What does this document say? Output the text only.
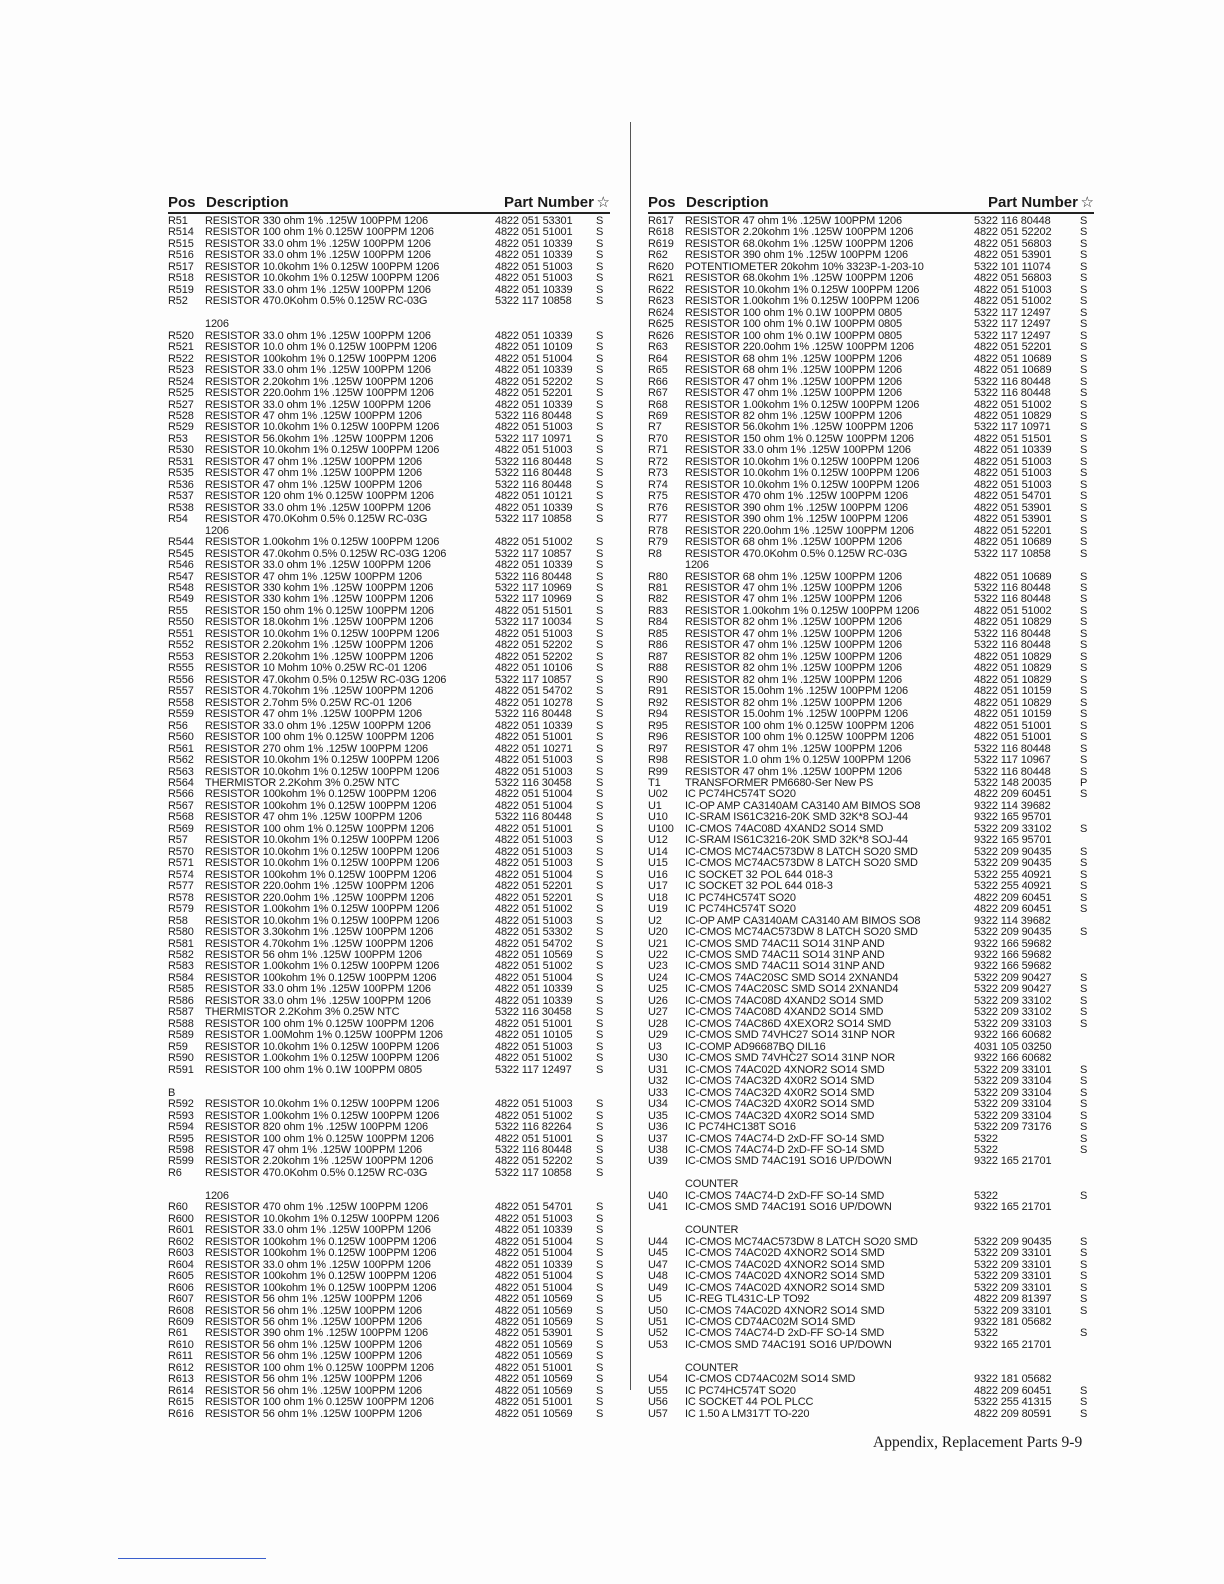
Pos Description	Part Number ☆
R51 RESISTOR 330 ohm 1% .125W 100PPM 1206	4822 051 53301 S
R514 RESISTOR 100 ohm 1% 0.125W 100PPM 1206	4822 051 51001 S
R515 RESISTOR 33.0 ohm 1% .125W 100PPM 1206	4822 051 10339 S
R516 RESISTOR 33.0 ohm 1% .125W 100PPM 1206	4822 051 10339 S
R517 RESISTOR 10.0kohm 1% 0.125W 100PPM 1206	4822 051 51003 S
R518 RESISTOR 10.0kohm 1% 0.125W 100PPM 1206	4822 051 51003 S
R519 RESISTOR 33.0 ohm 1% .125W 100PPM 1206	4822 051 10339 S
R52 RESISTOR 470.0Kohm 0.5% 0.125W RC-03G	5322 117 10858 S
1206
R520 RESISTOR 33.0 ohm 1% .125W 100PPM 1206	4822 051 10339 S
R521 RESISTOR 10.0 ohm 1% 0.125W 100PPM 1206	4822 051 10109 S
R522 RESISTOR 100kohm 1% 0.125W 100PPM 1206	4822 051 51004 S
R523 RESISTOR 33.0 ohm 1% .125W 100PPM 1206	4822 051 10339 S
R524 RESISTOR 2.20kohm 1% .125W 100PPM 1206	4822 051 52202 S
R525 RESISTOR 220.0ohm 1% .125W 100PPM 1206	4822 051 52201 S
R527 RESISTOR 33.0 ohm 1% .125W 100PPM 1206	4822 051 10339 S
R528 RESISTOR 47 ohm 1% .125W 100PPM 1206	5322 116 80448 S
R529 RESISTOR 10.0kohm 1% 0.125W 100PPM 1206	4822 051 51003 S
R53 RESISTOR 56.0kohm 1% .125W 100PPM 1206	5322 117 10971 S
R530 RESISTOR 10.0kohm 1% 0.125W 100PPM 1206	4822 051 51003 S
R531 RESISTOR 47 ohm 1% .125W 100PPM 1206	5322 116 80448 S
R535 RESISTOR 47 ohm 1% .125W 100PPM 1206	5322 116 80448 S
R536 RESISTOR 47 ohm 1% .125W 100PPM 1206	5322 116 80448 S
R537 RESISTOR 120 ohm 1% 0.125W 100PPM 1206	4822 051 10121 S
R538 RESISTOR 33.0 ohm 1% .125W 100PPM 1206	4822 051 10339 S
R54 RESISTOR 470.0Kohm 0.5% 0.125W RC-03G	5322 117 10858 S
1206
R544 RESISTOR 1.00kohm 1% 0.125W 100PPM 1206	4822 051 51002 S
R545 RESISTOR 47.0kohm 0.5% 0.125W RC-03G 1206	5322 117 10857 S
R546 RESISTOR 33.0 ohm 1% .125W 100PPM 1206	4822 051 10339 S
R547 RESISTOR 47 ohm 1% .125W 100PPM 1206	5322 116 80448 S
R548 RESISTOR 330 kohm 1% .125W 100PPM 1206	5322 117 10969 S
R549 RESISTOR 330 kohm 1% .125W 100PPM 1206	5322 117 10969 S
R55 RESISTOR 150 ohm 1% 0.125W 100PPM 1206	4822 051 51501 S
R550 RESISTOR 18.0kohm 1% .125W 100PPM 1206	5322 117 10034 S
R551 RESISTOR 10.0kohm 1% 0.125W 100PPM 1206	4822 051 51003 S
R552 RESISTOR 2.20kohm 1% .125W 100PPM 1206	4822 051 52202 S
R553 RESISTOR 2.20kohm 1% .125W 100PPM 1206	4822 051 52202 S
R555 RESISTOR 10 Mohm 10% 0.25W RC-01 1206	4822 051 10106 S
R556 RESISTOR 47.0kohm 0.5% 0.125W RC-03G 1206	5322 117 10857 S
R557 RESISTOR 4.70kohm 1% .125W 100PPM 1206	4822 051 54702 S
R558 RESISTOR 2.7ohm 5% 0.25W RC-01 1206	4822 051 10278 S
R559 RESISTOR 47 ohm 1% .125W 100PPM 1206	5322 116 80448 S
R56 RESISTOR 33.0 ohm 1% .125W 100PPM 1206	4822 051 10339 S
R560 RESISTOR 100 ohm 1% 0.125W 100PPM 1206	4822 051 51001 S
R561 RESISTOR 270 ohm 1% .125W 100PPM 1206	4822 051 10271 S
R562 RESISTOR 10.0kohm 1% 0.125W 100PPM 1206	4822 051 51003 S
R563 RESISTOR 10.0kohm 1% 0.125W 100PPM 1206	4822 051 51003 S
R564 THERMISTOR 2.2Kohm 3% 0.25W NTC	5322 116 30458 S
R566 RESISTOR 100kohm 1% 0.125W 100PPM 1206	4822 051 51004 S
R567 RESISTOR 100kohm 1% 0.125W 100PPM 1206	4822 051 51004 S
R568 RESISTOR 47 ohm 1% .125W 100PPM 1206	5322 116 80448 S
R569 RESISTOR 100 ohm 1% 0.125W 100PPM 1206	4822 051 51001 S
R57 RESISTOR 10.0kohm 1% 0.125W 100PPM 1206	4822 051 51003 S
R570 RESISTOR 10.0kohm 1% 0.125W 100PPM 1206	4822 051 51003 S
R571 RESISTOR 10.0kohm 1% 0.125W 100PPM 1206	4822 051 51003 S
R574 RESISTOR 100kohm 1% 0.125W 100PPM 1206	4822 051 51004 S
R577 RESISTOR 220.0ohm 1% .125W 100PPM 1206	4822 051 52201 S
R578 RESISTOR 220.0ohm 1% .125W 100PPM 1206	4822 051 52201 S
R579 RESISTOR 1.00kohm 1% 0.125W 100PPM 1206	4822 051 51002 S
R58 RESISTOR 10.0kohm 1% 0.125W 100PPM 1206	4822 051 51003 S
R580 RESISTOR 3.30kohm 1% .125W 100PPM 1206	4822 051 53302 S
R581 RESISTOR 4.70kohm 1% .125W 100PPM 1206	4822 051 54702 S
R582 RESISTOR 56 ohm 1% .125W 100PPM 1206	4822 051 10569 S
R583 RESISTOR 1.00kohm 1% 0.125W 100PPM 1206	4822 051 51002 S
R584 RESISTOR 100kohm 1% 0.125W 100PPM 1206	4822 051 51004 S
R585 RESISTOR 33.0 ohm 1% .125W 100PPM 1206	4822 051 10339 S
R586 RESISTOR 33.0 ohm 1% .125W 100PPM 1206	4822 051 10339 S
R587 THERMISTOR 2.2Kohm 3% 0.25W NTC	5322 116 30458 S
R588 RESISTOR 100 ohm 1% 0.125W 100PPM 1206	4822 051 51001 S
R589 RESISTOR 1.00Mohm 1% 0.125W 100PPM 1206	4822 051 10105 S
R59 RESISTOR 10.0kohm 1% 0.125W 100PPM 1206	4822 051 51003 S
R590 RESISTOR 1.00kohm 1% 0.125W 100PPM 1206	4822 051 51002 S
R591 RESISTOR 100 ohm 1% 0.1W 100PPM 0805	5322 117 12497 S
B
R592 RESISTOR 10.0kohm 1% 0.125W 100PPM 1206	4822 051 51003 S
R593 RESISTOR 1.00kohm 1% 0.125W 100PPM 1206	4822 051 51002 S
R594 RESISTOR 820 ohm 1% .125W 100PPM 1206	5322 116 82264 S
R595 RESISTOR 100 ohm 1% 0.125W 100PPM 1206	4822 051 51001 S
R598 RESISTOR 47 ohm 1% .125W 100PPM 1206	5322 116 80448 S
R599 RESISTOR 2.20kohm 1% .125W 100PPM 1206	4822 051 52202 S
R6 RESISTOR 470.0Kohm 0.5% 0.125W RC-03G	5322 117 10858 S
1206
R60 RESISTOR 470 ohm 1% .125W 100PPM 1206	4822 051 54701 S
R600 RESISTOR 10.0kohm 1% 0.125W 100PPM 1206	4822 051 51003 S
R601 RESISTOR 33.0 ohm 1% .125W 100PPM 1206	4822 051 10339 S
R602 RESISTOR 100kohm 1% 0.125W 100PPM 1206	4822 051 51004 S
R603 RESISTOR 100kohm 1% 0.125W 100PPM 1206	4822 051 51004 S
R604 RESISTOR 33.0 ohm 1% .125W 100PPM 1206	4822 051 10339 S
R605 RESISTOR 100kohm 1% 0.125W 100PPM 1206	4822 051 51004 S
R606 RESISTOR 100kohm 1% 0.125W 100PPM 1206	4822 051 51004 S
R607 RESISTOR 56 ohm 1% .125W 100PPM 1206	4822 051 10569 S
R608 RESISTOR 56 ohm 1% .125W 100PPM 1206	4822 051 10569 S
R609 RESISTOR 56 ohm 1% .125W 100PPM 1206	4822 051 10569 S
R61 RESISTOR 390 ohm 1% .125W 100PPM 1206	4822 051 53901 S
R610 RESISTOR 56 ohm 1% .125W 100PPM 1206	4822 051 10569 S
R611 RESISTOR 56 ohm 1% .125W 100PPM 1206	4822 051 10569 S
R612 RESISTOR 100 ohm 1% 0.125W 100PPM 1206	4822 051 51001 S
R613 RESISTOR 56 ohm 1% .125W 100PPM 1206	4822 051 10569 S
R614 RESISTOR 56 ohm 1% .125W 100PPM 1206	4822 051 10569 S
R615 RESISTOR 100 ohm 1% 0.125W 100PPM 1206	4822 051 51001 S
R616 RESISTOR 56 ohm 1% .125W 100PPM 1206	4822 051 10569 S
Pos Description	Part Number ☆
R617 RESISTOR 47 ohm 1% .125W 100PPM 1206	5322 116 80448	S
R618 RESISTOR 2.20kohm 1% .125W 100PPM 1206	4822 051 52202	S
R619 RESISTOR 68.0kohm 1% .125W 100PPM 1206	4822 051 56803	S
R62 RESISTOR 390 ohm 1% .125W 100PPM 1206	4822 051 53901	S
R620 POTENTIOMETER 20kohm 10% 3323P-1-203-10	5322 101 11074	S
R621 RESISTOR 68.0kohm 1% .125W 100PPM 1206	4822 051 56803	S
R622 RESISTOR 10.0kohm 1% 0.125W 100PPM 1206	4822 051 51003	S
R623 RESISTOR 1.00kohm 1% 0.125W 100PPM 1206	4822 051 51002	S
R624 RESISTOR 100 ohm 1% 0.1W 100PPM 0805	5322 117 12497	S
R625 RESISTOR 100 ohm 1% 0.1W 100PPM 0805	5322 117 12497	S
R626 RESISTOR 100 ohm 1% 0.1W 100PPM 0805	5322 117 12497	S
R63 RESISTOR 220.0ohm 1% .125W 100PPM 1206	4822 051 52201	S
R64 RESISTOR 68 ohm 1% .125W 100PPM 1206	4822 051 10689	S
R65 RESISTOR 68 ohm 1% .125W 100PPM 1206	4822 051 10689	S
R66 RESISTOR 47 ohm 1% .125W 100PPM 1206	5322 116 80448	S
R67 RESISTOR 47 ohm 1% .125W 100PPM 1206	5322 116 80448	S
R68 RESISTOR 1.00kohm 1% 0.125W 100PPM 1206	4822 051 51002	S
R69 RESISTOR 82 ohm 1% .125W 100PPM 1206	4822 051 10829	S
R7 RESISTOR 56.0kohm 1% .125W 100PPM 1206	5322 117 10971	S
R70 RESISTOR 150 ohm 1% 0.125W 100PPM 1206	4822 051 51501	S
R71 RESISTOR 33.0 ohm 1% .125W 100PPM 1206	4822 051 10339	S
R72 RESISTOR 10.0kohm 1% 0.125W 100PPM 1206	4822 051 51003	S
R73 RESISTOR 10.0kohm 1% 0.125W 100PPM 1206	4822 051 51003	S
R74 RESISTOR 10.0kohm 1% 0.125W 100PPM 1206	4822 051 51003	S
R75 RESISTOR 470 ohm 1% .125W 100PPM 1206	4822 051 54701	S
R76 RESISTOR 390 ohm 1% .125W 100PPM 1206	4822 051 53901	S
R77 RESISTOR 390 ohm 1% .125W 100PPM 1206	4822 051 53901	S
R78 RESISTOR 220.0ohm 1% .125W 100PPM 1206	4822 051 52201	S
R79 RESISTOR 68 ohm 1% .125W 100PPM 1206	4822 051 10689	S
R8 RESISTOR 470.0Kohm 0.5% 0.125W RC-03G	5322 117 10858	S
1206
R80 RESISTOR 68 ohm 1% .125W 100PPM 1206	4822 051 10689	S
R81 RESISTOR 47 ohm 1% .125W 100PPM 1206	5322 116 80448	S
R82 RESISTOR 47 ohm 1% .125W 100PPM 1206	5322 116 80448	S
R83 RESISTOR 1.00kohm 1% 0.125W 100PPM 1206	4822 051 51002	S
R84 RESISTOR 82 ohm 1% .125W 100PPM 1206	4822 051 10829	S
R85 RESISTOR 47 ohm 1% .125W 100PPM 1206	5322 116 80448	S
R86 RESISTOR 47 ohm 1% .125W 100PPM 1206	5322 116 80448	S
R87 RESISTOR 82 ohm 1% .125W 100PPM 1206	4822 051 10829	S
R88 RESISTOR 82 ohm 1% .125W 100PPM 1206	4822 051 10829	S
R90 RESISTOR 82 ohm 1% .125W 100PPM 1206	4822 051 10829	S
R91 RESISTOR 15.0ohm 1% .125W 100PPM 1206	4822 051 10159	S
R92 RESISTOR 82 ohm 1% .125W 100PPM 1206	4822 051 10829	S
R94 RESISTOR 15.0ohm 1% .125W 100PPM 1206	4822 051 10159	S
R95 RESISTOR 100 ohm 1% 0.125W 100PPM 1206	4822 051 51001	S
R96 RESISTOR 100 ohm 1% 0.125W 100PPM 1206	4822 051 51001	S
R97 RESISTOR 47 ohm 1% .125W 100PPM 1206	5322 116 80448	S
R98 RESISTOR 1.0 ohm 1% 0.125W 100PPM 1206	5322 117 10967	S
R99 RESISTOR 47 ohm 1% .125W 100PPM 1206	5322 116 80448	S
T1 TRANSFORMER PM6680-Ser New PS	5322 148 20035	P
U02 IC PC74HC574T SO20	4822 209 60451	S
U1 IC-OP AMP CA3140AM CA3140 AM BIMOS SO8	9322 114 39682
U10 IC-SRAM IS61C3216-20K SMD 32K*8 SOJ-44	9322 165 95701
U100 IC-CMOS 74AC08D 4XAND2 SO14 SMD	5322 209 33102	S
U12 IC-SRAM IS61C3216-20K SMD 32K*8 SOJ-44	9322 165 95701
U14 IC-CMOS MC74AC573DW 8 LATCH SO20 SMD	5322 209 90435	S
U15 IC-CMOS MC74AC573DW 8 LATCH SO20 SMD	5322 209 90435	S
U16 IC SOCKET 32 POL 644 018-3	5322 255 40921	S
U17 IC SOCKET 32 POL 644 018-3	5322 255 40921	S
U18 IC PC74HC574T SO20	4822 209 60451	S
U19 IC PC74HC574T SO20	4822 209 60451	S
U2 IC-OP AMP CA3140AM CA3140 AM BIMOS SO8	9322 114 39682
U20 IC-CMOS MC74AC573DW 8 LATCH SO20 SMD	5322 209 90435	S
U21 IC-CMOS SMD 74AC11 SO14 31NP AND	9322 166 59682
U22 IC-CMOS SMD 74AC11 SO14 31NP AND	9322 166 59682
U23 IC-CMOS SMD 74AC11 SO14 31NP AND	9322 166 59682
U24 IC-CMOS 74AC20SC SMD SO14 2XNAND4	5322 209 90427	S
U25 IC-CMOS 74AC20SC SMD SO14 2XNAND4	5322 209 90427	S
U26 IC-CMOS 74AC08D 4XAND2 SO14 SMD	5322 209 33102	S
U27 IC-CMOS 74AC08D 4XAND2 SO14 SMD	5322 209 33102	S
U28 IC-CMOS 74AC86D 4XEXOR2 SO14 SMD	5322 209 33103	S
U29 IC-CMOS SMD 74VHC27 SO14 31NP NOR	9322 166 60682
U3 IC-COMP AD96687BQ DIL16	4031 105 03250
U30 IC-CMOS SMD 74VHC27 SO14 31NP NOR	9322 166 60682
U31 IC-CMOS 74AC02D 4XNOR2 SO14 SMD	5322 209 33101	S
U32 IC-CMOS 74AC32D 4X0R2 SO14 SMD	5322 209 33104	S
U33 IC-CMOS 74AC32D 4X0R2 SO14 SMD	5322 209 33104	S
U34 IC-CMOS 74AC32D 4X0R2 SO14 SMD	5322 209 33104	S
U35 IC-CMOS 74AC32D 4X0R2 SO14 SMD	5322 209 33104	S
U36 IC PC74HC138T SO16	5322 209 73176	S
U37 IC-CMOS 74AC74-D 2xD-FF SO-14 SMD	5322	S
U38 IC-CMOS 74AC74-D 2xD-FF SO-14 SMD	5322	S
U39 IC-CMOS SMD 74AC191 SO16 UP/DOWN	9322 165 21701
COUNTER
U40 IC-CMOS 74AC74-D 2xD-FF SO-14 SMD	5322	S
U41 IC-CMOS SMD 74AC191 SO16 UP/DOWN	9322 165 21701
COUNTER
U44 IC-CMOS MC74AC573DW 8 LATCH SO20 SMD	5322 209 90435	S
U45 IC-CMOS 74AC02D 4XNOR2 SO14 SMD	5322 209 33101	S
U47 IC-CMOS 74AC02D 4XNOR2 SO14 SMD	5322 209 33101	S
U48 IC-CMOS 74AC02D 4XNOR2 SO14 SMD	5322 209 33101	S
U49 IC-CMOS 74AC02D 4XNOR2 SO14 SMD	5322 209 33101	S
U5 IC-REG TL431C-LP TO92	4822 209 81397	S
U50 IC-CMOS 74AC02D 4XNOR2 SO14 SMD	5322 209 33101	S
U51 IC-CMOS CD74AC02M SO14 SMD	9322 181 05682
U52 IC-CMOS 74AC74-D 2xD-FF SO-14 SMD	5322	S
U53 IC-CMOS SMD 74AC191 SO16 UP/DOWN	9322 165 21701
COUNTER
U54 IC-CMOS CD74AC02M SO14 SMD	9322 181 05682
U55 IC PC74HC574T SO20	4822 209 60451	S
U56 IC SOCKET 44 POL PLCC	5322 255 41315	S
U57 IC 1.50 A LM317T TO-220	4822 209 80591	S
Appendix, Replacement Parts 9-9
